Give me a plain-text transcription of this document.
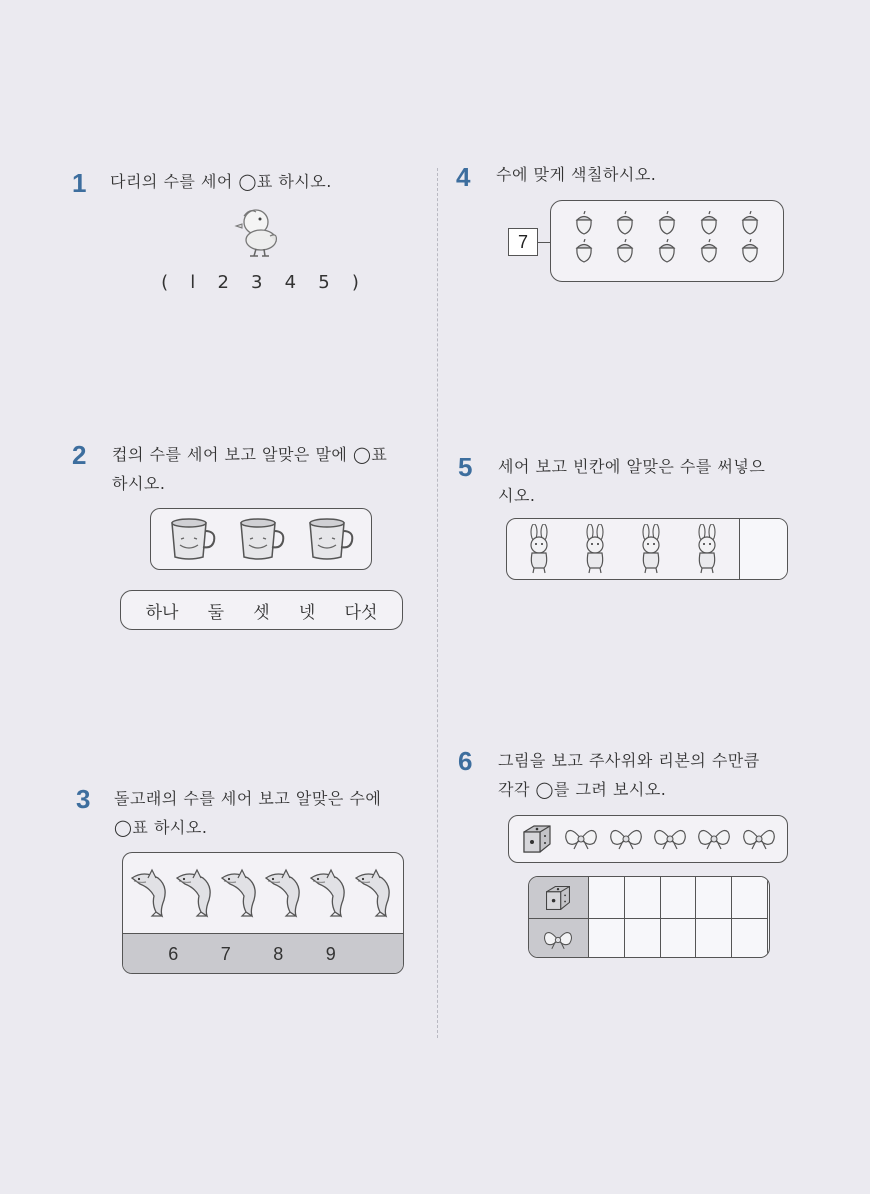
1 다리의 수를 세어 ◯표 하시오.
( l 2 3 4 5 )
2 컵의 수를 세어 보고 알맞은 말에 ◯표
하시오.
하나 둘 셋 넷 다섯
3 돌고래의 수를 세어 보고 알맞은 수에
◯표 하시오.
6 7 8 9
4 수에 맞게 색칠하시오.
7
5 세어 보고 빈칸에 알맞은 수를 써넣으
시오.
6 그림을 보고 주사위와 리본의 수만큼
각각 ◯를 그려 보시오.
